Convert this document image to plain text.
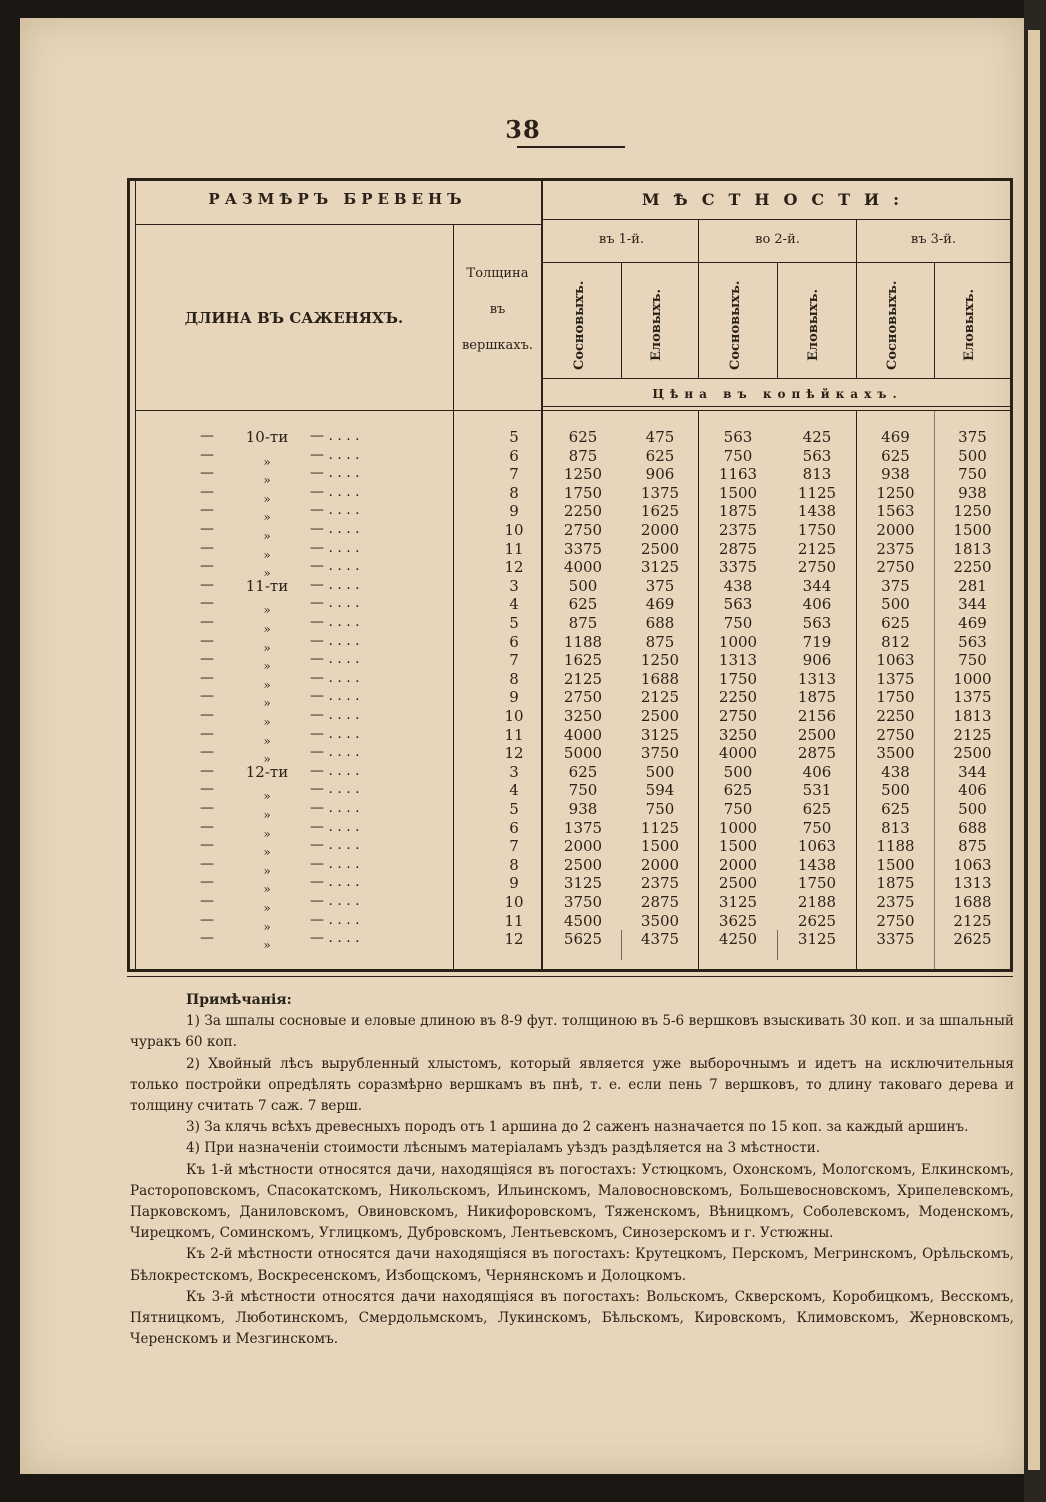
38
РАЗМѢРЪ БРЕВЕНЪ	МѢСТНОСТИ:
въ 1-й.	во 2-й.	въ 3-й.
ДЛИНА ВЪ САЖЕНЯХЪ.
Толщина
въ
вершкахъ.	Сосновыхъ.	Еловыхъ.	Сосновыхъ.	Еловыхъ.	Сосновыхъ.	Еловыхъ.
Цѣна въ копѣйкахъ.
—	10-ти	— . . . .	5	625	475	563	425	469	375
—	»	— . . . .	6	875	625	750	563	625	500
—	»	— . . . .	7	1250	906	1163	813	938	750
—	»	— . . . .	8	1750	1375	1500	1125	1250	938
—	»	— . . . .	9	2250	1625	1875	1438	1563	1250
—	»	— . . . .	10	2750	2000	2375	1750	2000	1500
—	»	— . . . .	11	3375	2500	2875	2125	2375	1813
—	»	— . . . .	12	4000	3125	3375	2750	2750	2250
—	11-ти	— . . . .	3	500	375	438	344	375	281
—	»	— . . . .	4	625	469	563	406	500	344
—	»	— . . . .	5	875	688	750	563	625	469
—	»	— . . . .	6	1188	875	1000	719	812	563
—	»	— . . . .	7	1625	1250	1313	906	1063	750
—	»	— . . . .	8	2125	1688	1750	1313	1375	1000
—	»	— . . . .	9	2750	2125	2250	1875	1750	1375
—	»	— . . . .	10	3250	2500	2750	2156	2250	1813
—	»	— . . . .	11	4000	3125	3250	2500	2750	2125
—	»	— . . . .	12	5000	3750	4000	2875	3500	2500
—	12-ти	— . . . .	3	625	500	500	406	438	344
—	»	— . . . .	4	750	594	625	531	500	406
—	»	— . . . .	5	938	750	750	625	625	500
—	»	— . . . .	6	1375	1125	1000	750	813	688
—	»	— . . . .	7	2000	1500	1500	1063	1188	875
—	»	— . . . .	8	2500	2000	2000	1438	1500	1063
—	»	— . . . .	9	3125	2375	2500	1750	1875	1313
—	»	— . . . .	10	3750	2875	3125	2188	2375	1688
—	»	— . . . .	11	4500	3500	3625	2625	2750	2125
—	»	— . . . .	12	5625	4375	4250	3125	3375	2625

Примѣчанія:

1) За шпалы сосновые и еловые длиною въ 8-9 фут. толщиною въ 5-6 вершковъ взыскивать 30 коп. и за шпальный чуракъ 60 коп.

2) Хвойный лѣсъ вырубленный хлыстомъ, который является уже выборочнымъ и идетъ на исключительныя только постройки опредѣлять соразмѣрно вершкамъ въ пнѣ, т. е. если пень 7 вершковъ, то длину таковаго дерева и толщину считать 7 саж. 7 верш.

3) За клячь всѣхъ древесныхъ породъ отъ 1 аршина до 2 саженъ назначается по 15 коп. за каждый аршинъ.

4) При назначеніи стоимости лѣснымъ матеріаламъ уѣздъ раздѣляется на 3 мѣстности.

Къ 1-й мѣстности относятся дачи, находящіяся въ погостахъ: Устюцкомъ, Охонскомъ, Мологскомъ, Елкинскомъ, Растороповскомъ, Спасокатскомъ, Никольскомъ, Ильинскомъ, Маловосновскомъ, Большевосновскомъ, Хрипелевскомъ, Парковскомъ, Даниловскомъ, Овиновскомъ, Никифоровскомъ, Тяженскомъ, Вѣницкомъ, Соболевскомъ, Моденскомъ, Чирецкомъ, Соминскомъ, Углицкомъ, Дубровскомъ, Лентьевскомъ, Синозерскомъ и г. Устюжны.

Къ 2-й мѣстности относятся дачи находящіяся въ погостахъ: Крутецкомъ, Перскомъ, Мегринскомъ, Орѣльскомъ, Бѣлокрестскомъ, Воскресенскомъ, Избощскомъ, Чернянскомъ и Долоцкомъ.

Къ 3-й мѣстности относятся дачи находящіяся въ погостахъ: Вольскомъ, Скверскомъ, Коробицкомъ, Весскомъ, Пятницкомъ, Люботинскомъ, Смердольмскомъ, Лукинскомъ, Бѣльскомъ, Кировскомъ, Климовскомъ, Жерновскомъ, Черенскомъ и Мезгинскомъ.
